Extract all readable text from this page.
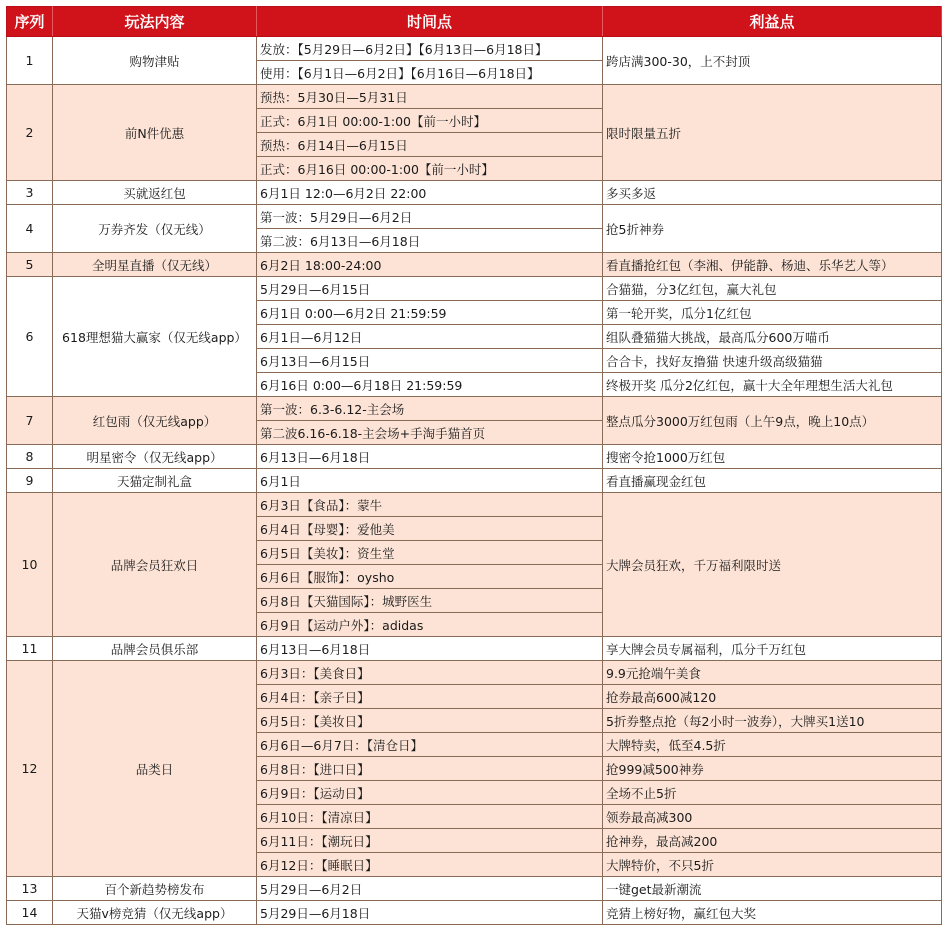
序列	玩法内容	时间点	利益点
1	购物津贴	发放：【5月29日—6月2日】【6月13日—6月18日】	跨店满300-30，上不封顶
		使用：【6月1日—6月2日】【6月16日—6月18日】	
2	前N件优惠	预热：5月30日—5月31日	限时限量五折
		正式：6月1日 00:00-1:00【前一小时】	
		预热：6月14日—6月15日	
		正式：6月16日 00:00-1:00【前一小时】	
3	买就返红包	6月1日 12:0—6月2日 22:00	多买多返
4	万券齐发（仅无线）	第一波：5月29日—6月2日	抢5折神券
		第二波：6月13日—6月18日	
5	全明星直播（仅无线）	6月2日 18:00-24:00	看直播抢红包（李湘、伊能静、杨迪、乐华艺人等）
6	618理想猫大赢家（仅无线app）	5月29日—6月15日	合猫猫，分3亿红包，赢大礼包
		6月1日 0:00—6月2日 21:59:59	第一轮开奖，瓜分1亿红包
		6月1日—6月12日	组队叠猫猫大挑战，最高瓜分600万喵币
		6月13日—6月15日	合合卡，找好友撸猫 快速升级高级猫猫
		6月16日 0:00—6月18日 21:59:59	终极开奖 瓜分2亿红包，赢十大全年理想生活大礼包
7	红包雨（仅无线app）	第一波：6.3-6.12-主会场	整点瓜分3000万红包雨（上午9点，晚上10点）
		第二波6.16-6.18-主会场+手淘手猫首页	
8	明星密令（仅无线app）	6月13日—6月18日	搜密令抢1000万红包
9	天猫定制礼盒	6月1日	看直播赢现金红包
10	品牌会员狂欢日	6月3日【食品】：蒙牛	大牌会员狂欢，千万福利限时送
		6月4日【母婴】：爱他美	
		6月5日【美妆】：资生堂	
		6月6日【服饰】：oysho	
		6月8日【天猫国际】：城野医生	
		6月9日【运动户外】：adidas	
11	品牌会员俱乐部	6月13日—6月18日	享大牌会员专属福利，瓜分千万红包
12	品类日	6月3日：【美食日】	9.9元抢端午美食
		6月4日：【亲子日】	抢券最高600减120
		6月5日：【美妆日】	5折券整点抢（每2小时一波券），大牌买1送10
		6月6日—6月7日：【清仓日】	大牌特卖，低至4.5折
		6月8日：【进口日】	抢999减500神券
		6月9日：【运动日】	全场不止5折
		6月10日：【清凉日】	领券最高减300
		6月11日：【潮玩日】	抢神券，最高减200
		6月12日：【睡眠日】	大牌特价，不只5折
13	百个新趋势榜发布	5月29日—6月2日	一键get最新潮流
14	天猫v榜竞猜（仅无线app）	5月29日—6月18日	竞猜上榜好物，赢红包大奖
